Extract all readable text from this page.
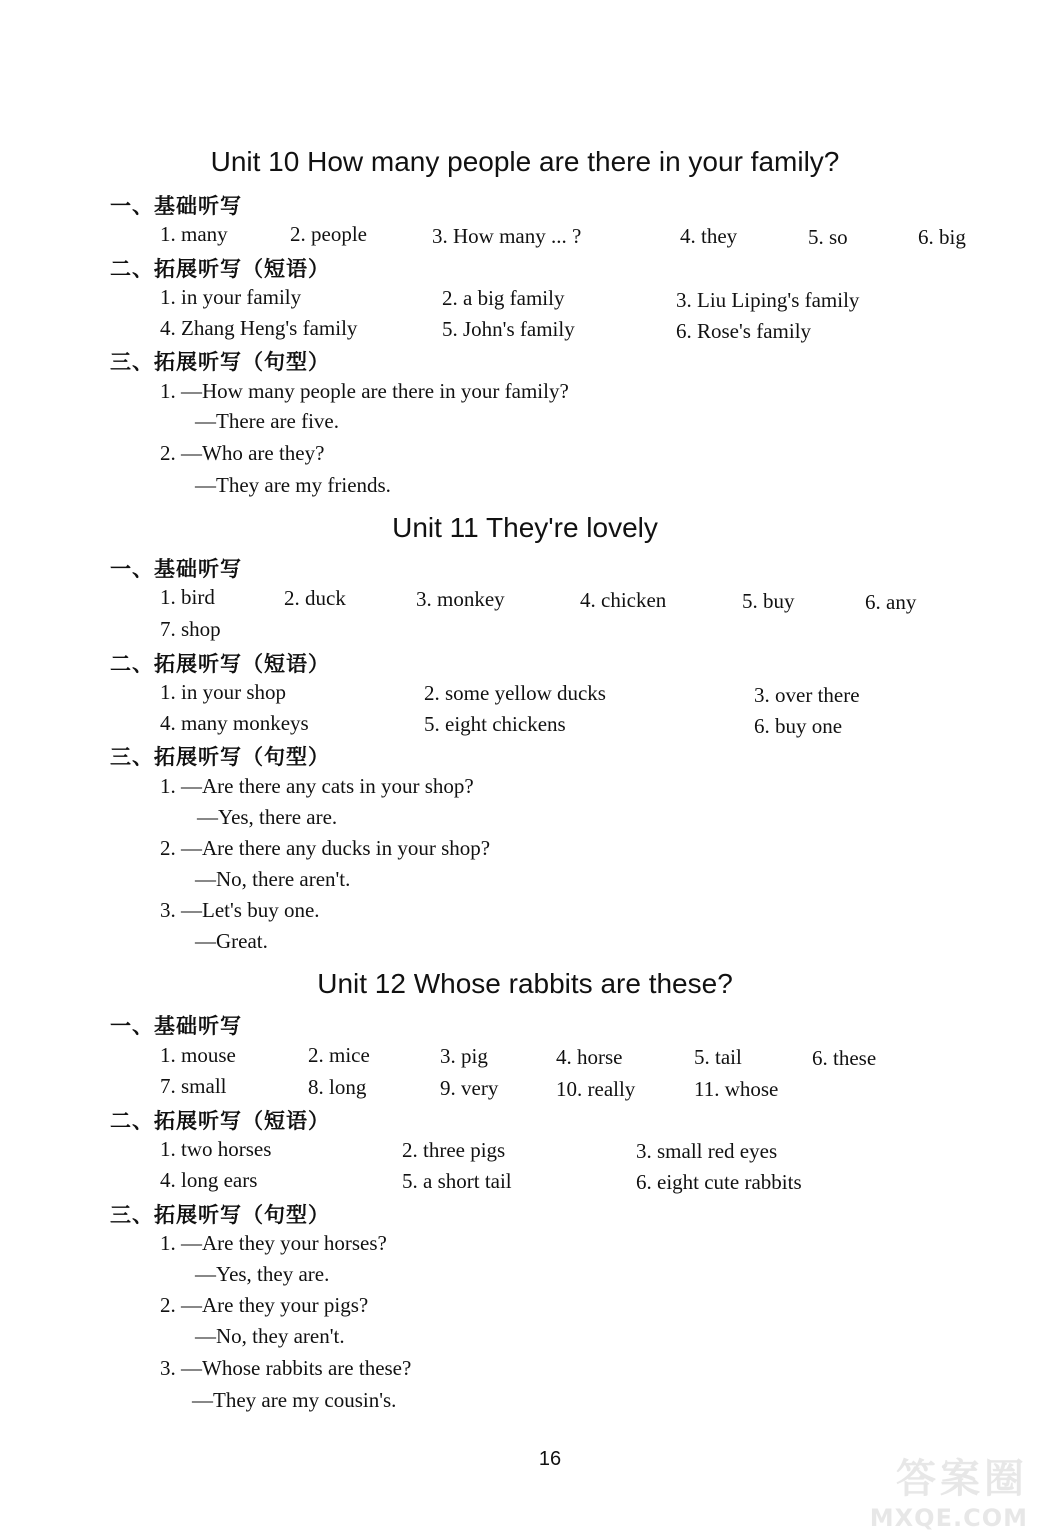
Unit 10 How many people are there in your family?
一、基础听写
1. many	2. people	3. How many ... ?	4. they	5. so	6. big
二、拓展听写（短语）
1. in your family	2. a big family	3. Liu Liping's family
4. Zhang Heng's family	5. John's family	6. Rose's family
三、拓展听写（句型）
1. —How many people are there in your family?
—There are five.
2. —Who are they?
—They are my friends.
Unit 11 They're lovely
一、基础听写
1. bird	2. duck	3. monkey	4. chicken	5. buy	6. any
7. shop
二、拓展听写（短语）
1. in your shop	2. some yellow ducks	3. over there
4. many monkeys	5. eight chickens	6. buy one
三、拓展听写（句型）
1. —Are there any cats in your shop?
—Yes, there are.
2. —Are there any ducks in your shop?
—No, there aren't.
3. —Let's buy one.
—Great.
Unit 12 Whose rabbits are these?
一、基础听写
1. mouse	2. mice	3. pig	4. horse	5. tail	6. these
7. small	8. long	9. very	10. really	11. whose
二、拓展听写（短语）
1. two horses	2. three pigs	3. small red eyes
4. long ears	5. a short tail	6. eight cute rabbits
三、拓展听写（句型）
1. —Are they your horses?
—Yes, they are.
2. —Are they your pigs?
—No, they aren't.
3. —Whose rabbits are these?
—They are my cousin's.
16	答案圈
MXQE.COM
